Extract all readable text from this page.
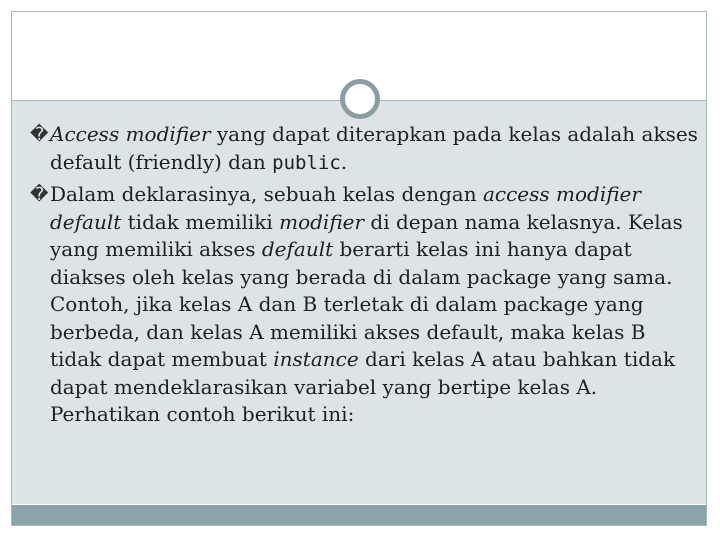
� Access modifier yang dapat diterapkan pada kelas adalah akses default (friendly) dan public.

� Dalam deklarasinya, sebuah kelas dengan access modifier default tidak memiliki modifier di depan nama kelasnya. Kelas yang memiliki akses default berarti kelas ini hanya dapat diakses oleh kelas yang berada di dalam package yang sama. Contoh, jika kelas A dan B terletak di dalam package yang berbeda, dan kelas A memiliki akses default, maka kelas B tidak dapat membuat instance dari kelas A atau bahkan tidak dapat mendeklarasikan variabel yang bertipe kelas A. Perhatikan contoh berikut ini:
